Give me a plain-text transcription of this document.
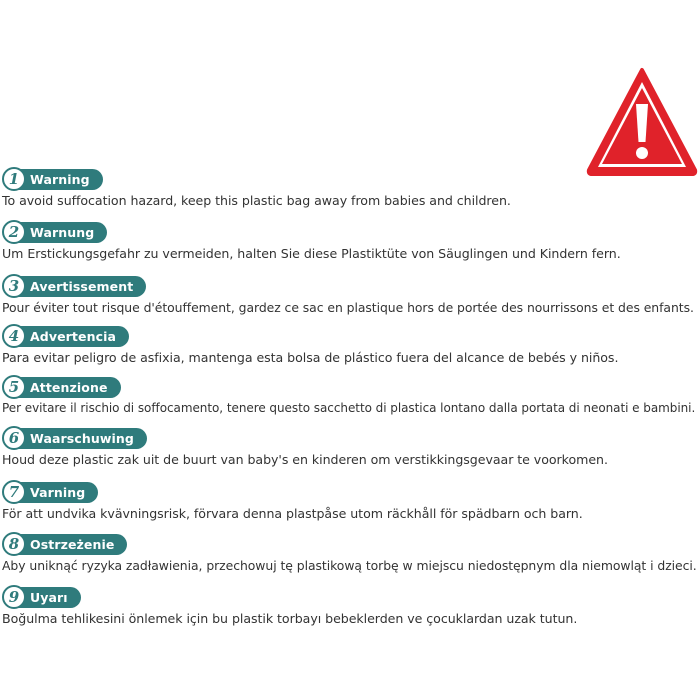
1 Warning
To avoid suffocation hazard, keep this plastic bag away from babies and children.
2 Warnung
Um Erstickungsgefahr zu vermeiden, halten Sie diese Plastiktüte von Säuglingen und Kindern fern.
3 Avertissement
Pour éviter tout risque d'étouffement, gardez ce sac en plastique hors de portée des nourrissons et des enfants.
4 Advertencia
Para evitar peligro de asfixia, mantenga esta bolsa de plástico fuera del alcance de bebés y niños.
5 Attenzione
Per evitare il rischio di soffocamento, tenere questo sacchetto di plastica lontano dalla portata di neonati e bambini.
6 Waarschuwing
Houd deze plastic zak uit de buurt van baby's en kinderen om verstikkingsgevaar te voorkomen.
7 Varning
För att undvika kvävningsrisk, förvara denna plastpåse utom räckhåll för spädbarn och barn.
8 Ostrzeżenie
Aby uniknąć ryzyka zadławienia, przechowuj tę plastikową torbę w miejscu niedostępnym dla niemowląt i dzieci.
9 Uyarı
Boğulma tehlikesini önlemek için bu plastik torbayı bebeklerden ve çocuklardan uzak tutun.
